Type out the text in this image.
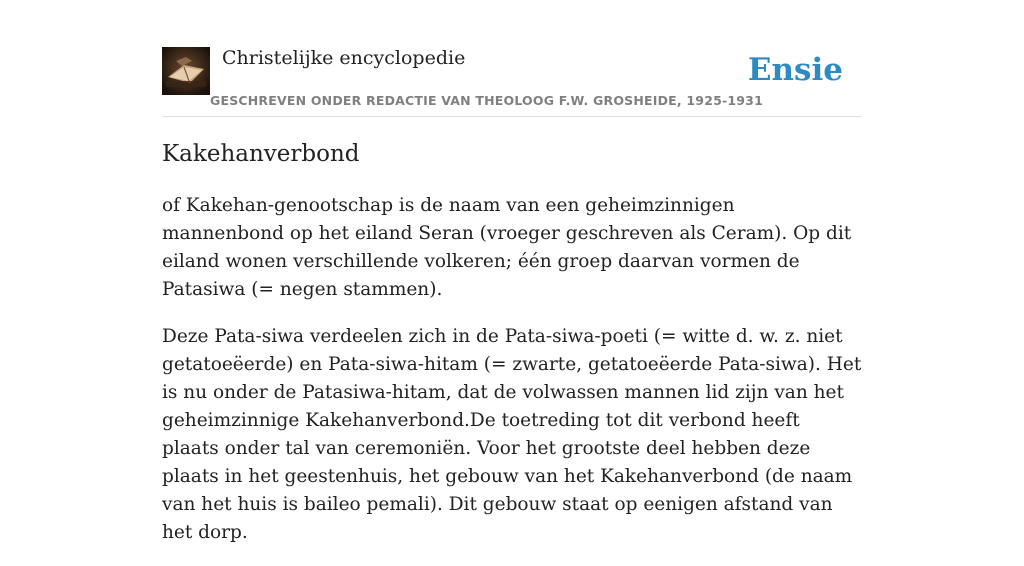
Christelijke encyclopedie
GESCHREVEN ONDER REDACTIE VAN THEOLOOG F.W. GROSHEIDE, 1925-1931
Ensie
Kakehanverbond

of Kakehan-genootschap is de naam van een geheimzinnigen mannenbond op het eiland Seran (vroeger geschreven als Ceram). Op dit eiland wonen verschillende volkeren; één groep daarvan vormen de Patasiwa (= negen stammen).

Deze Pata-siwa verdeelen zich in de Pata-siwa-poeti (= witte d. w. z. niet getatoeëerde) en Pata-siwa-hitam (= zwarte, getatoeëerde Pata-siwa). Het is nu onder de Patasiwa-hitam, dat de volwassen mannen lid zijn van het geheimzinnige Kakehanverbond.De toetreding tot dit verbond heeft plaats onder tal van ceremoniën. Voor het grootste deel hebben deze plaats in het geestenhuis, het gebouw van het Kakehanverbond (de naam van het huis is baileo pemali). Dit gebouw staat op eenigen afstand van het dorp.
